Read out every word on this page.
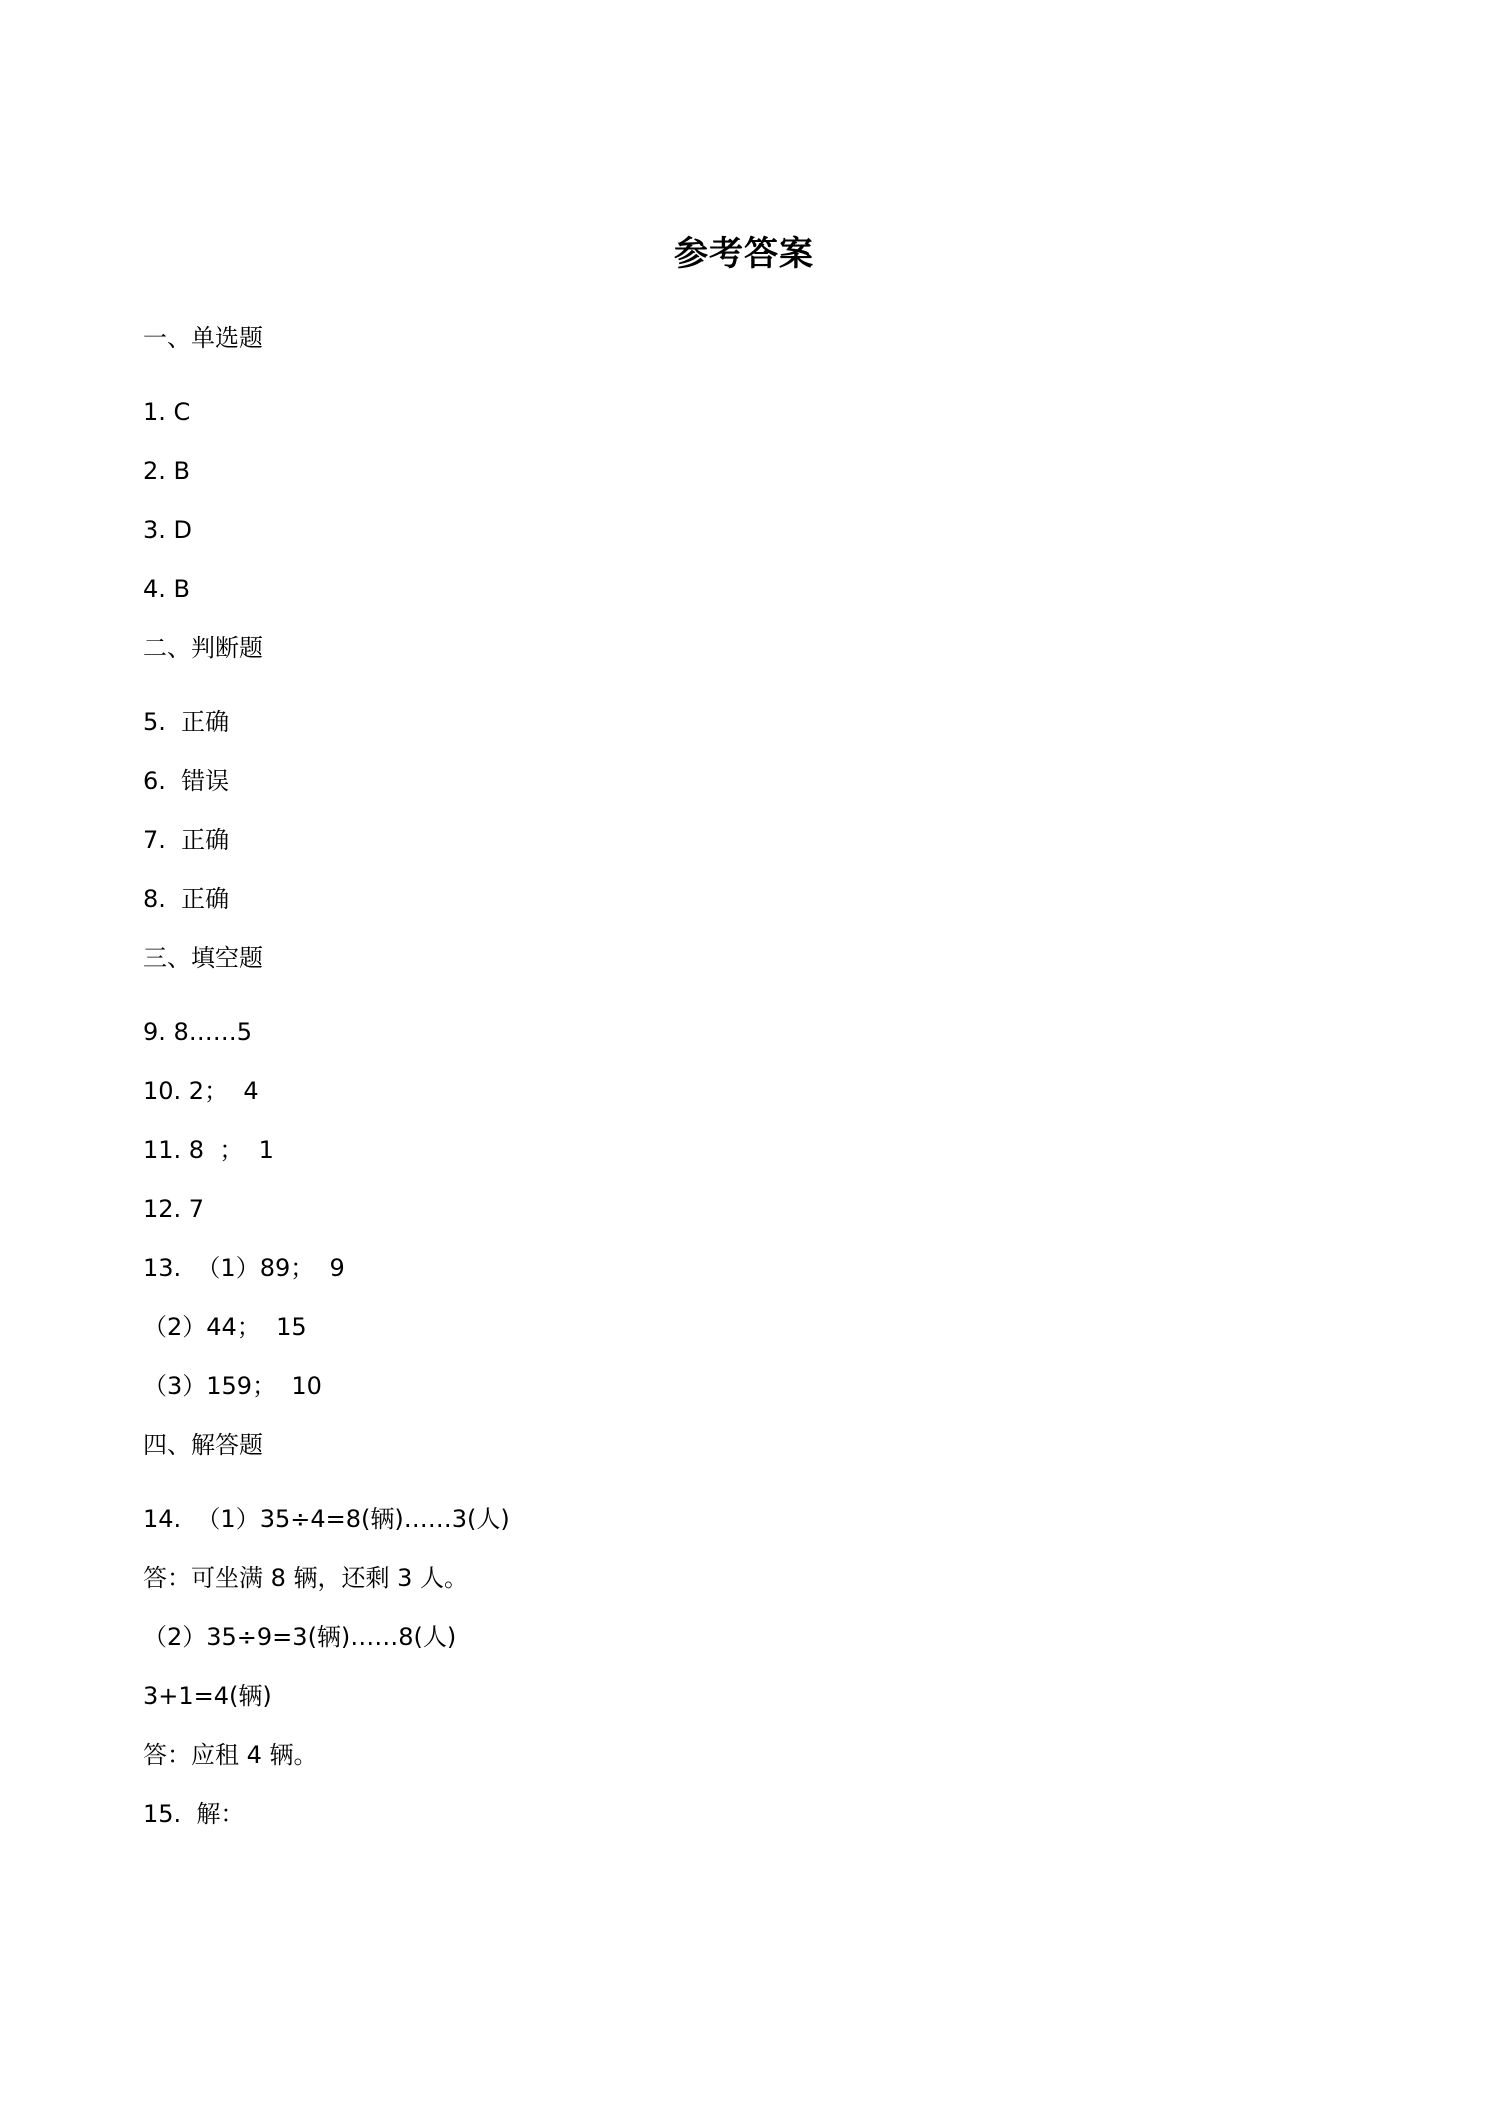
参考答案
一、单选题
1. C
2. B
3. D
4. B
二、判断题
5.  正确
6.  错误
7.  正确
8.  正确
三、填空题
9. 8……5
10. 2；  4
11. 8  ；  1
12. 7
13.  （1）89；  9
（2）44；  15
（3）159；  10
四、解答题
14.  （1）35÷4=8(辆)……3(人)
答：可坐满 8 辆，还剩 3 人。
（2）35÷9=3(辆)……8(人)
3+1=4(辆)
答：应租 4 辆。
15.  解：
